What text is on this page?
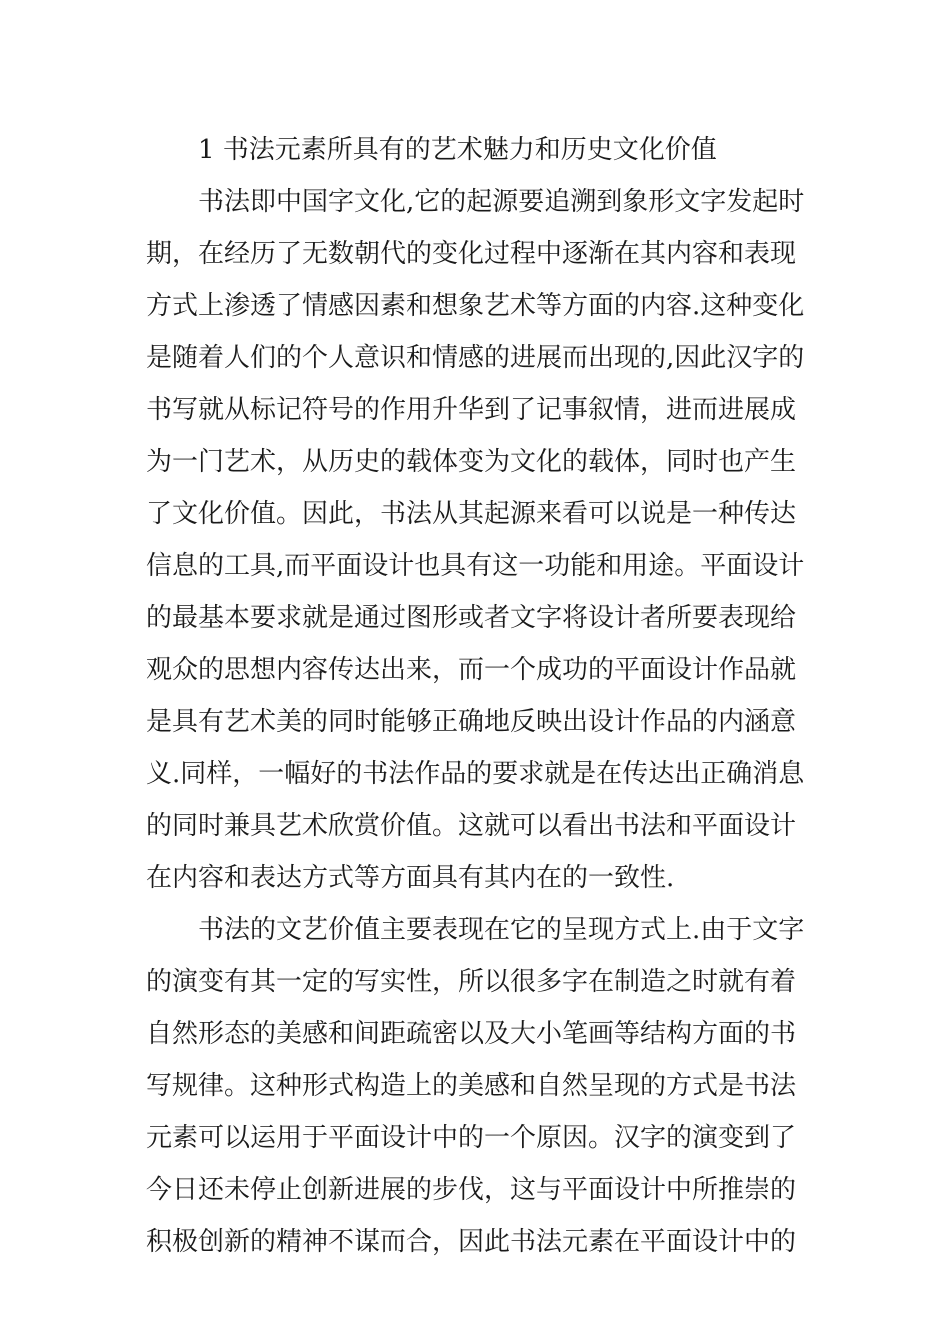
1 书法元素所具有的艺术魅力和历史文化价值

书法即中国字文化,它的起源要追溯到象形文字发起时

期，在经历了无数朝代的变化过程中逐渐在其内容和表现

方式上渗透了情感因素和想象艺术等方面的内容.这种变化

是随着人们的个人意识和情感的进展而出现的,因此汉字的

书写就从标记符号的作用升华到了记事叙情，进而进展成

为一门艺术，从历史的载体变为文化的载体，同时也产生

了文化价值。因此，书法从其起源来看可以说是一种传达

信息的工具,而平面设计也具有这一功能和用途。平面设计

的最基本要求就是通过图形或者文字将设计者所要表现给

观众的思想内容传达出来，而一个成功的平面设计作品就

是具有艺术美的同时能够正确地反映出设计作品的内涵意

义.同样，一幅好的书法作品的要求就是在传达出正确消息

的同时兼具艺术欣赏价值。这就可以看出书法和平面设计

在内容和表达方式等方面具有其内在的一致性.

书法的文艺价值主要表现在它的呈现方式上.由于文字

的演变有其一定的写实性，所以很多字在制造之时就有着

自然形态的美感和间距疏密以及大小笔画等结构方面的书

写规律。这种形式构造上的美感和自然呈现的方式是书法

元素可以运用于平面设计中的一个原因。汉字的演变到了

今日还未停止创新进展的步伐，这与平面设计中所推崇的

积极创新的精神不谋而合，因此书法元素在平面设计中的
